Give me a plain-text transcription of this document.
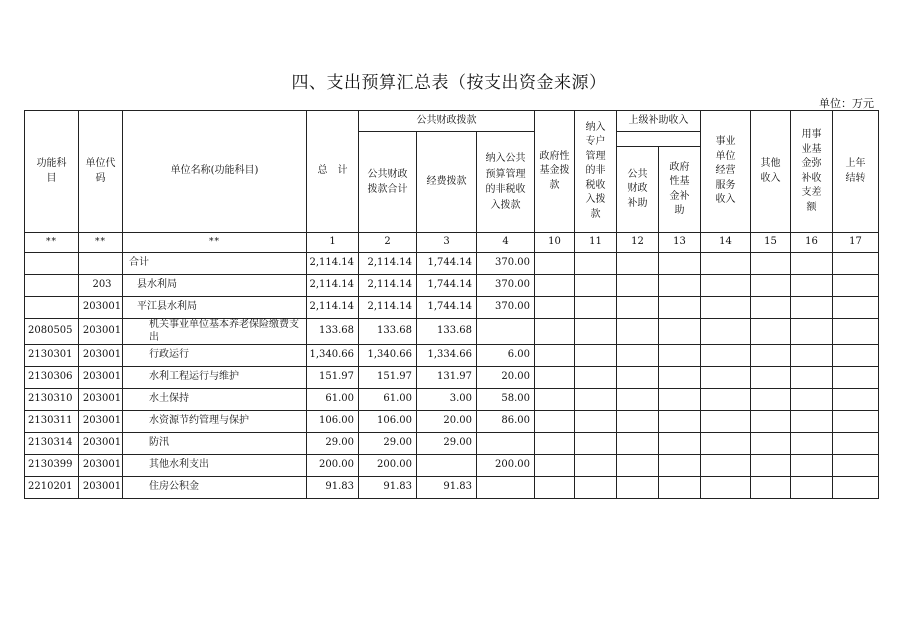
四、支出预算汇总表（按支出资金来源）
单位：万元
功能科目	单位代码	单位名称(功能科目)	总　计	公共财政拨款			政府性基金拨款	纳入专户管理的非税收入拨款	上级补助收入		事业单位经营服务收入	其他收入	用事业基金弥补收支差额	上年结转
				公共财政拨款合计	经费拨款	纳入公共预算管理的非税收入拨款								
									公共财政补助	政府性基金补助				
**	**	**	1	2	3	4	10	11	12	13	14	15	16	17
		合计	2,114.14	2,114.14	1,744.14	370.00								
	203	县水利局	2,114.14	2,114.14	1,744.14	370.00								
	203001	平江县水利局	2,114.14	2,114.14	1,744.14	370.00								
2080505	203001	机关事业单位基本养老保险缴费支出	133.68	133.68	133.68									
2130301	203001	行政运行	1,340.66	1,340.66	1,334.66	6.00								
2130306	203001	水利工程运行与维护	151.97	151.97	131.97	20.00								
2130310	203001	水土保持	61.00	61.00	3.00	58.00								
2130311	203001	水资源节约管理与保护	106.00	106.00	20.00	86.00								
2130314	203001	防汛	29.00	29.00	29.00									
2130399	203001	其他水利支出	200.00	200.00		200.00								
2210201	203001	住房公积金	91.83	91.83	91.83									
